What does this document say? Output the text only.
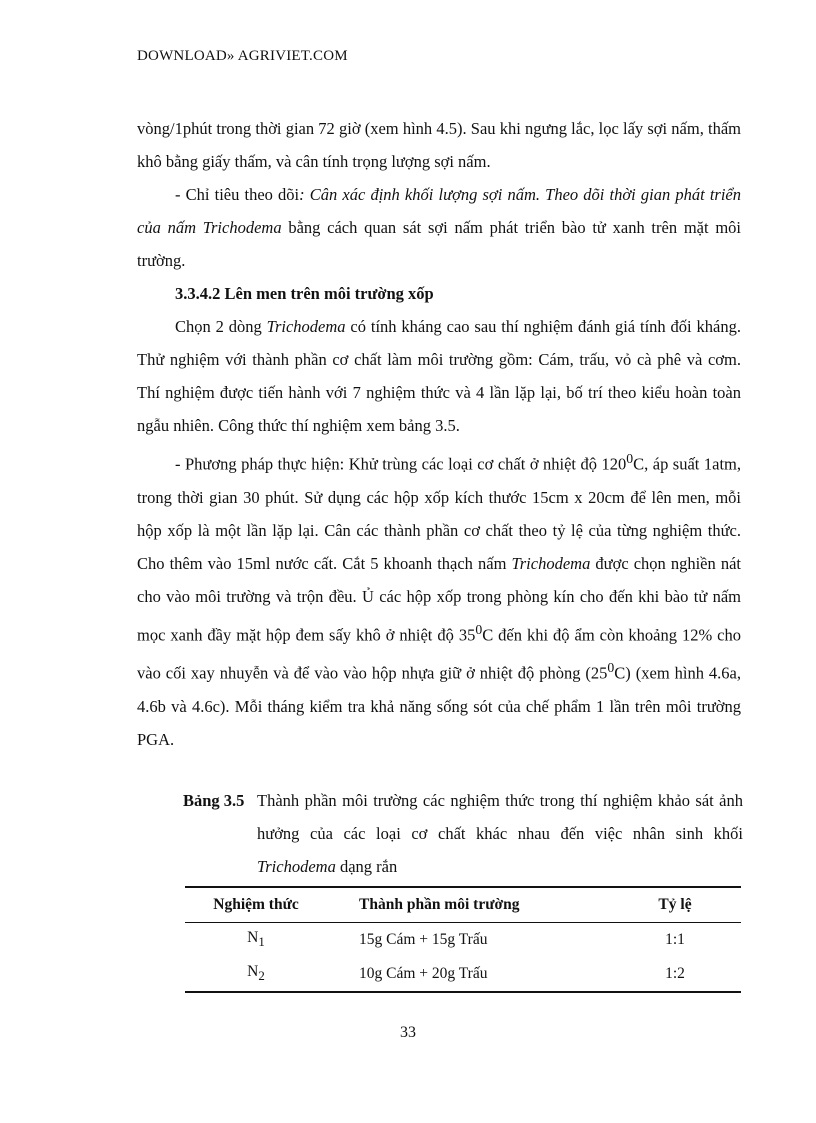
DOWNLOAD» AGRIVIET.COM

vòng/1phút trong thời gian 72 giờ (xem hình 4.5). Sau khi ngưng lắc, lọc lấy sợi nấm, thấm khô bằng giấy thấm, và cân tính trọng lượng sợi nấm.

- Chỉ tiêu theo dõi: Cân xác định khối lượng sợi nấm. Theo dõi thời gian phát triển của nấm Trichodema bằng cách quan sát sợi nấm phát triển bào tử xanh trên mặt môi trường.

3.3.4.2 Lên men trên môi trường xốp

Chọn 2 dòng Trichodema có tính kháng cao sau thí nghiệm đánh giá tính đối kháng. Thử nghiệm với thành phần cơ chất làm môi trường gồm: Cám, trấu, vỏ cà phê và cơm. Thí nghiệm được tiến hành với 7 nghiệm thức và 4 lần lặp lại, bố trí theo kiểu hoàn toàn ngẫu nhiên. Công thức thí nghiệm xem bảng 3.5.

- Phương pháp thực hiện: Khử trùng các loại cơ chất ở nhiệt độ $120^0C$, áp suất 1atm, trong thời gian 30 phút. Sử dụng các hộp xốp kích thước 15cm x 20cm để lên men, mỗi hộp xốp là một lần lặp lại. Cân các thành phần cơ chất theo tỷ lệ của từng nghiệm thức. Cho thêm vào 15ml nước cất. Cắt 5 khoanh thạch nấm Trichodema được chọn nghiền nát cho vào môi trường và trộn đều. Ủ các hộp xốp trong phòng kín cho đến khi bào tử nấm mọc xanh đầy mặt hộp đem sấy khô ở nhiệt độ $35^0C$ đến khi độ ẩm còn khoảng 12% cho vào cối xay nhuyễn và để vào vào hộp nhựa giữ ở nhiệt độ phòng $(25^0C)$ (xem hình 4.6a, 4.6b và 4.6c). Mỗi tháng kiểm tra khả năng sống sót của chế phẩm 1 lần trên môi trường PGA.

Bảng 3.5 Thành phần môi trường các nghiệm thức trong thí nghiệm khảo sát ảnh hưởng của các loại cơ chất khác nhau đến việc nhân sinh khối Trichodema dạng rắn
Nghiệm thức	Thành phần môi trường	Tỷ lệ
$N_1$	15g Cám + 15g Trấu	1:1
$N_2$	10g Cám + 20g Trấu	1:2
33
